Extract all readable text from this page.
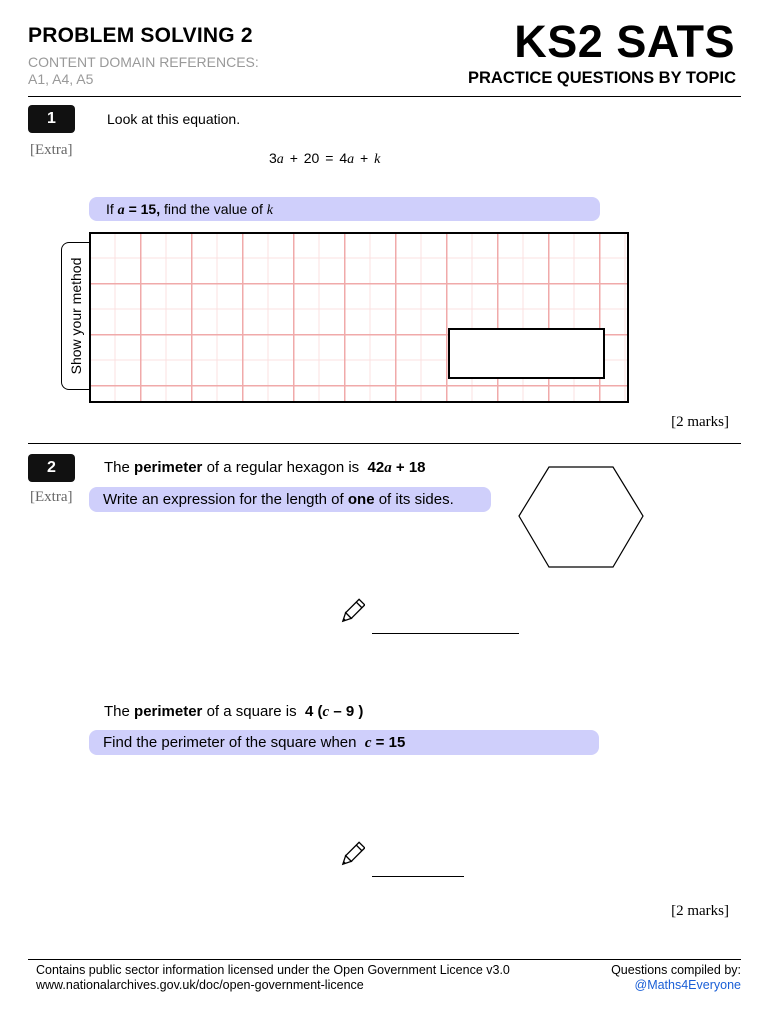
PROBLEM SOLVING 2
CONTENT DOMAIN REFERENCES:
A1, A4, A5
KS2 SATS
PRACTICE QUESTIONS BY TOPIC
1
[Extra]
Look at this equation.
3a + 20 = 4a + k
If a = 15, find the value of k
Show your method
[2 marks]
2
[Extra]
The perimeter of a regular hexagon is 42a + 18
Write an expression for the length of one of its sides.
The perimeter of a square is 4 (c – 9 )
Find the perimeter of the square when c = 15
[2 marks]
Contains public sector information licensed under the Open Government Licence v3.0
www.nationalarchives.gov.uk/doc/open-government-licence
Questions compiled by:
@Maths4Everyone
